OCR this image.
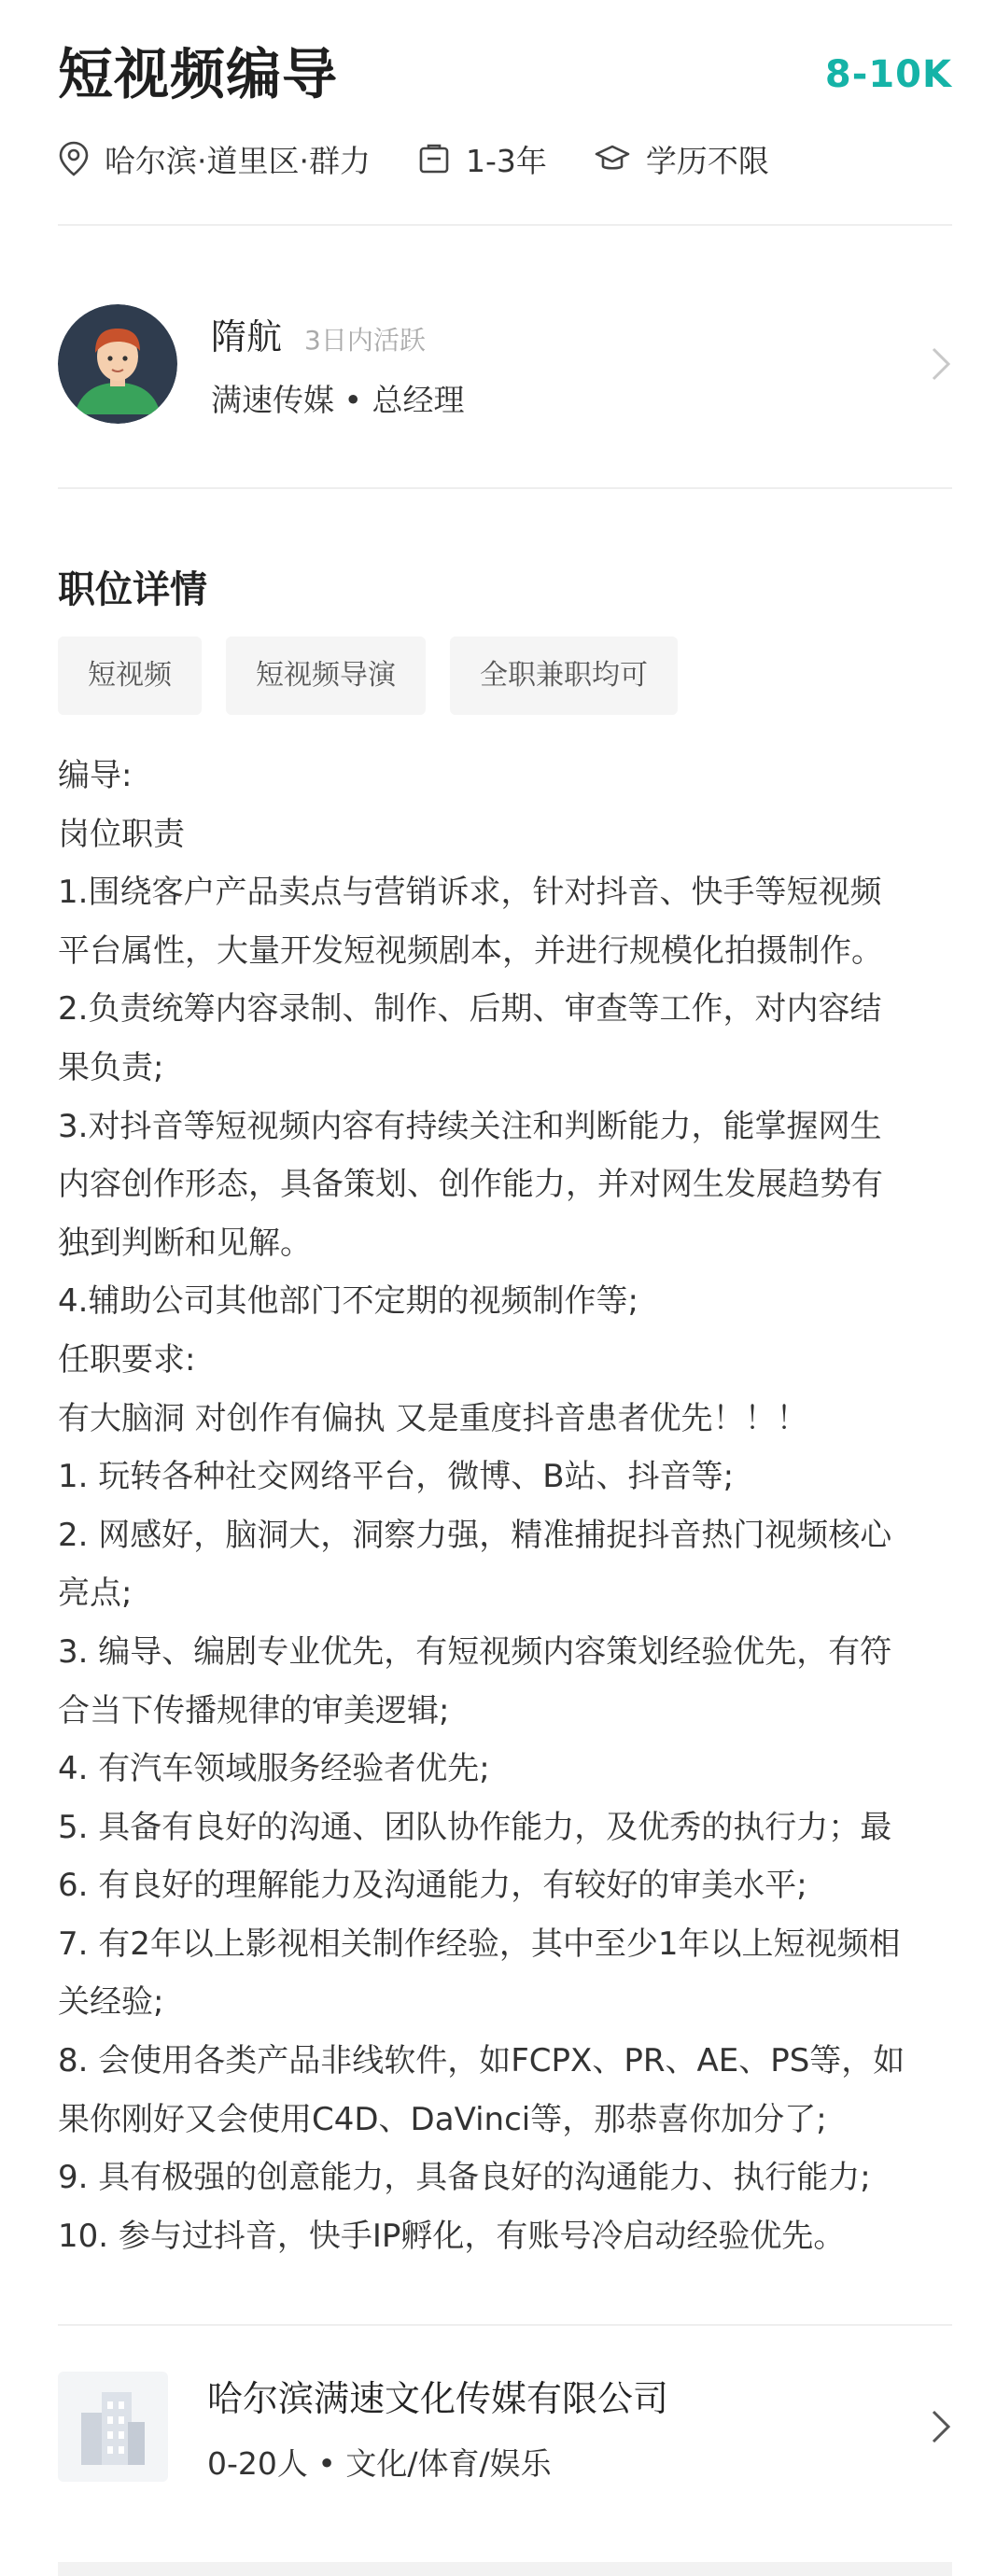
短视频编导	8-10K
哈尔滨·道里区·群力	1-3年	学历不限
隋航 3日内活跃
满速传媒 • 总经理
职位详情
短视频	短视频导演	全职兼职均可

编导:

岗位职责

1.围绕客户产品卖点与营销诉求，针对抖音、快手等短视频

平台属性，大量开发短视频剧本，并进行规模化拍摄制作。

2.负责统筹内容录制、制作、后期、审查等工作，对内容结

果负责;

3.对抖音等短视频内容有持续关注和判断能力，能掌握网生

内容创作形态，具备策划、创作能力，并对网生发展趋势有

独到判断和见解。

4.辅助公司其他部门不定期的视频制作等;

任职要求:

有大脑洞 对创作有偏执 又是重度抖音患者优先！！！

1. 玩转各种社交网络平台，微博、B站、抖音等;

2. 网感好，脑洞大，洞察力强，精准捕捉抖音热门视频核心

亮点;

3. 编导、编剧专业优先，有短视频内容策划经验优先，有符

合当下传播规律的审美逻辑;

4. 有汽车领域服务经验者优先;

5. 具备有良好的沟通、团队协作能力，及优秀的执行力；最

6. 有良好的理解能力及沟通能力，有较好的审美水平;

7. 有2年以上影视相关制作经验，其中至少1年以上短视频相

关经验;

8. 会使用各类产品非线软件，如FCPX、PR、AE、PS等，如

果你刚好又会使用C4D、DaVinci等，那恭喜你加分了;

9. 具有极强的创意能力，具备良好的沟通能力、执行能力;

10. 参与过抖音，快手IP孵化，有账号冷启动经验优先。

哈尔滨满速文化传媒有限公司
0-20人 • 文化/体育/娱乐
